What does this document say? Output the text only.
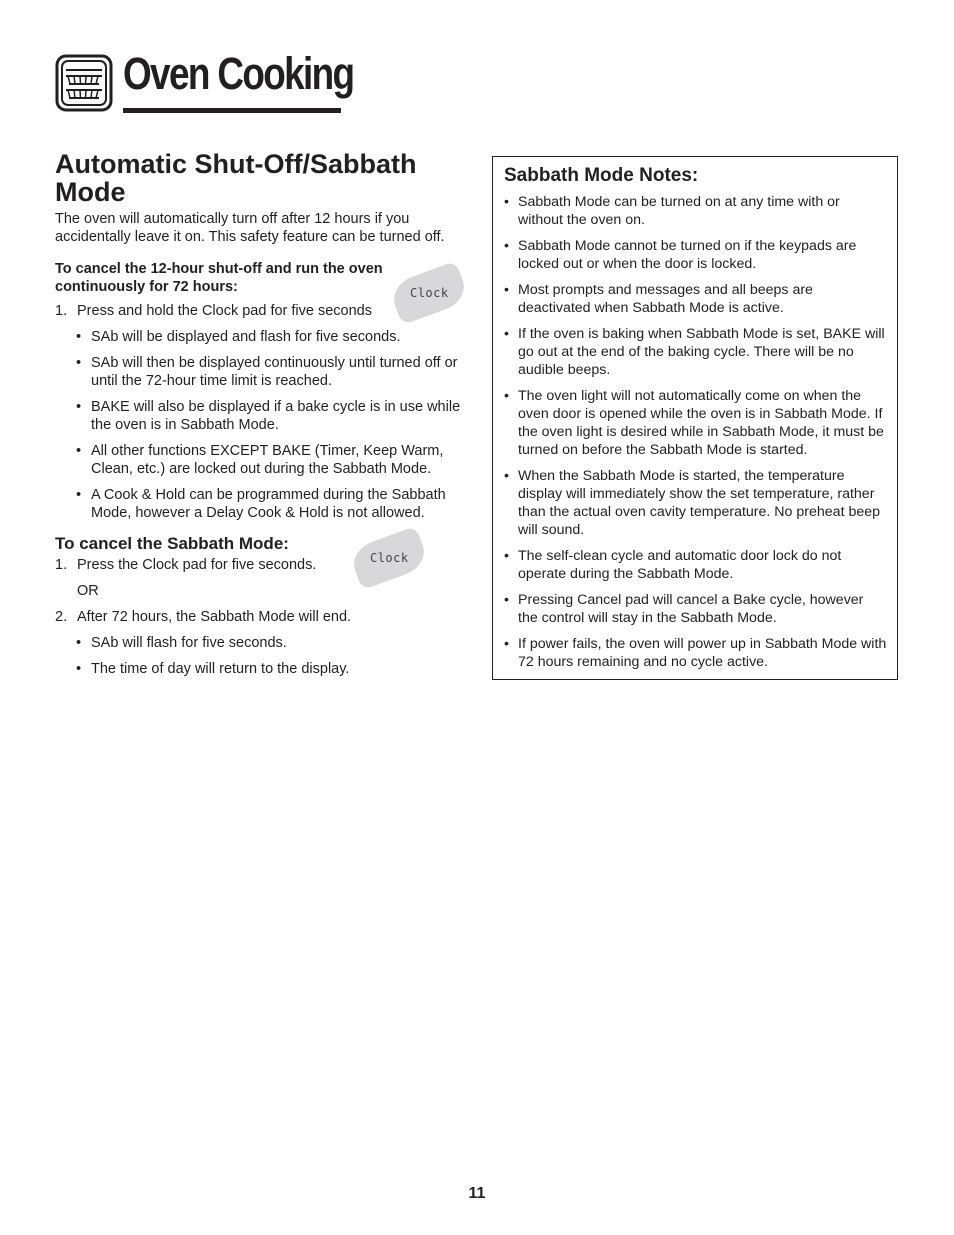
Oven Cooking
Automatic Shut-Off/Sabbath Mode

The oven will automatically turn off after 12 hours if you accidentally leave it on. This safety feature can be turned off.

To cancel the 12-hour shut-off and run the oven continuously for 72 hours:

1. Press and hold the Clock pad for five seconds
• SAb will be displayed and flash for five seconds.
• SAb will then be displayed continuously until turned off or until the 72-hour time limit is reached.
• BAKE will also be displayed if a bake cycle is in use while the oven is in Sabbath Mode.
• All other functions EXCEPT BAKE (Timer, Keep Warm, Clean, etc.) are locked out during the Sabbath Mode.
• A Cook & Hold can be programmed during the Sabbath Mode, however a Delay Cook & Hold is not allowed.
To cancel the Sabbath Mode:
1. Press the Clock pad for five seconds.
OR
2. After 72 hours, the Sabbath Mode will end.
• SAb will flash for five seconds.
• The time of day will return to the display.
Clock
Clock
Sabbath Mode Notes:
• Sabbath Mode can be turned on at any time with or without the oven on.
• Sabbath Mode cannot be turned on if the keypads are locked out or when the door is locked.
• Most prompts and messages and all beeps are deactivated when Sabbath Mode is active.
• If the oven is baking when Sabbath Mode is set, BAKE will go out at the end of the baking cycle. There will be no audible beeps.
• The oven light will not automatically come on when the oven door is opened while the oven is in Sabbath Mode. If the oven light is desired while in Sabbath Mode, it must be turned on before the Sabbath Mode is started.
• When the Sabbath Mode is started, the temperature display will immediately show the set temperature, rather than the actual oven cavity temperature. No preheat beep will sound.
• The self-clean cycle and automatic door lock do not operate during the Sabbath Mode.
• Pressing Cancel pad will cancel a Bake cycle, however the control will stay in the Sabbath Mode.
• If power fails, the oven will power up in Sabbath Mode with 72 hours remaining and no cycle active.
11
